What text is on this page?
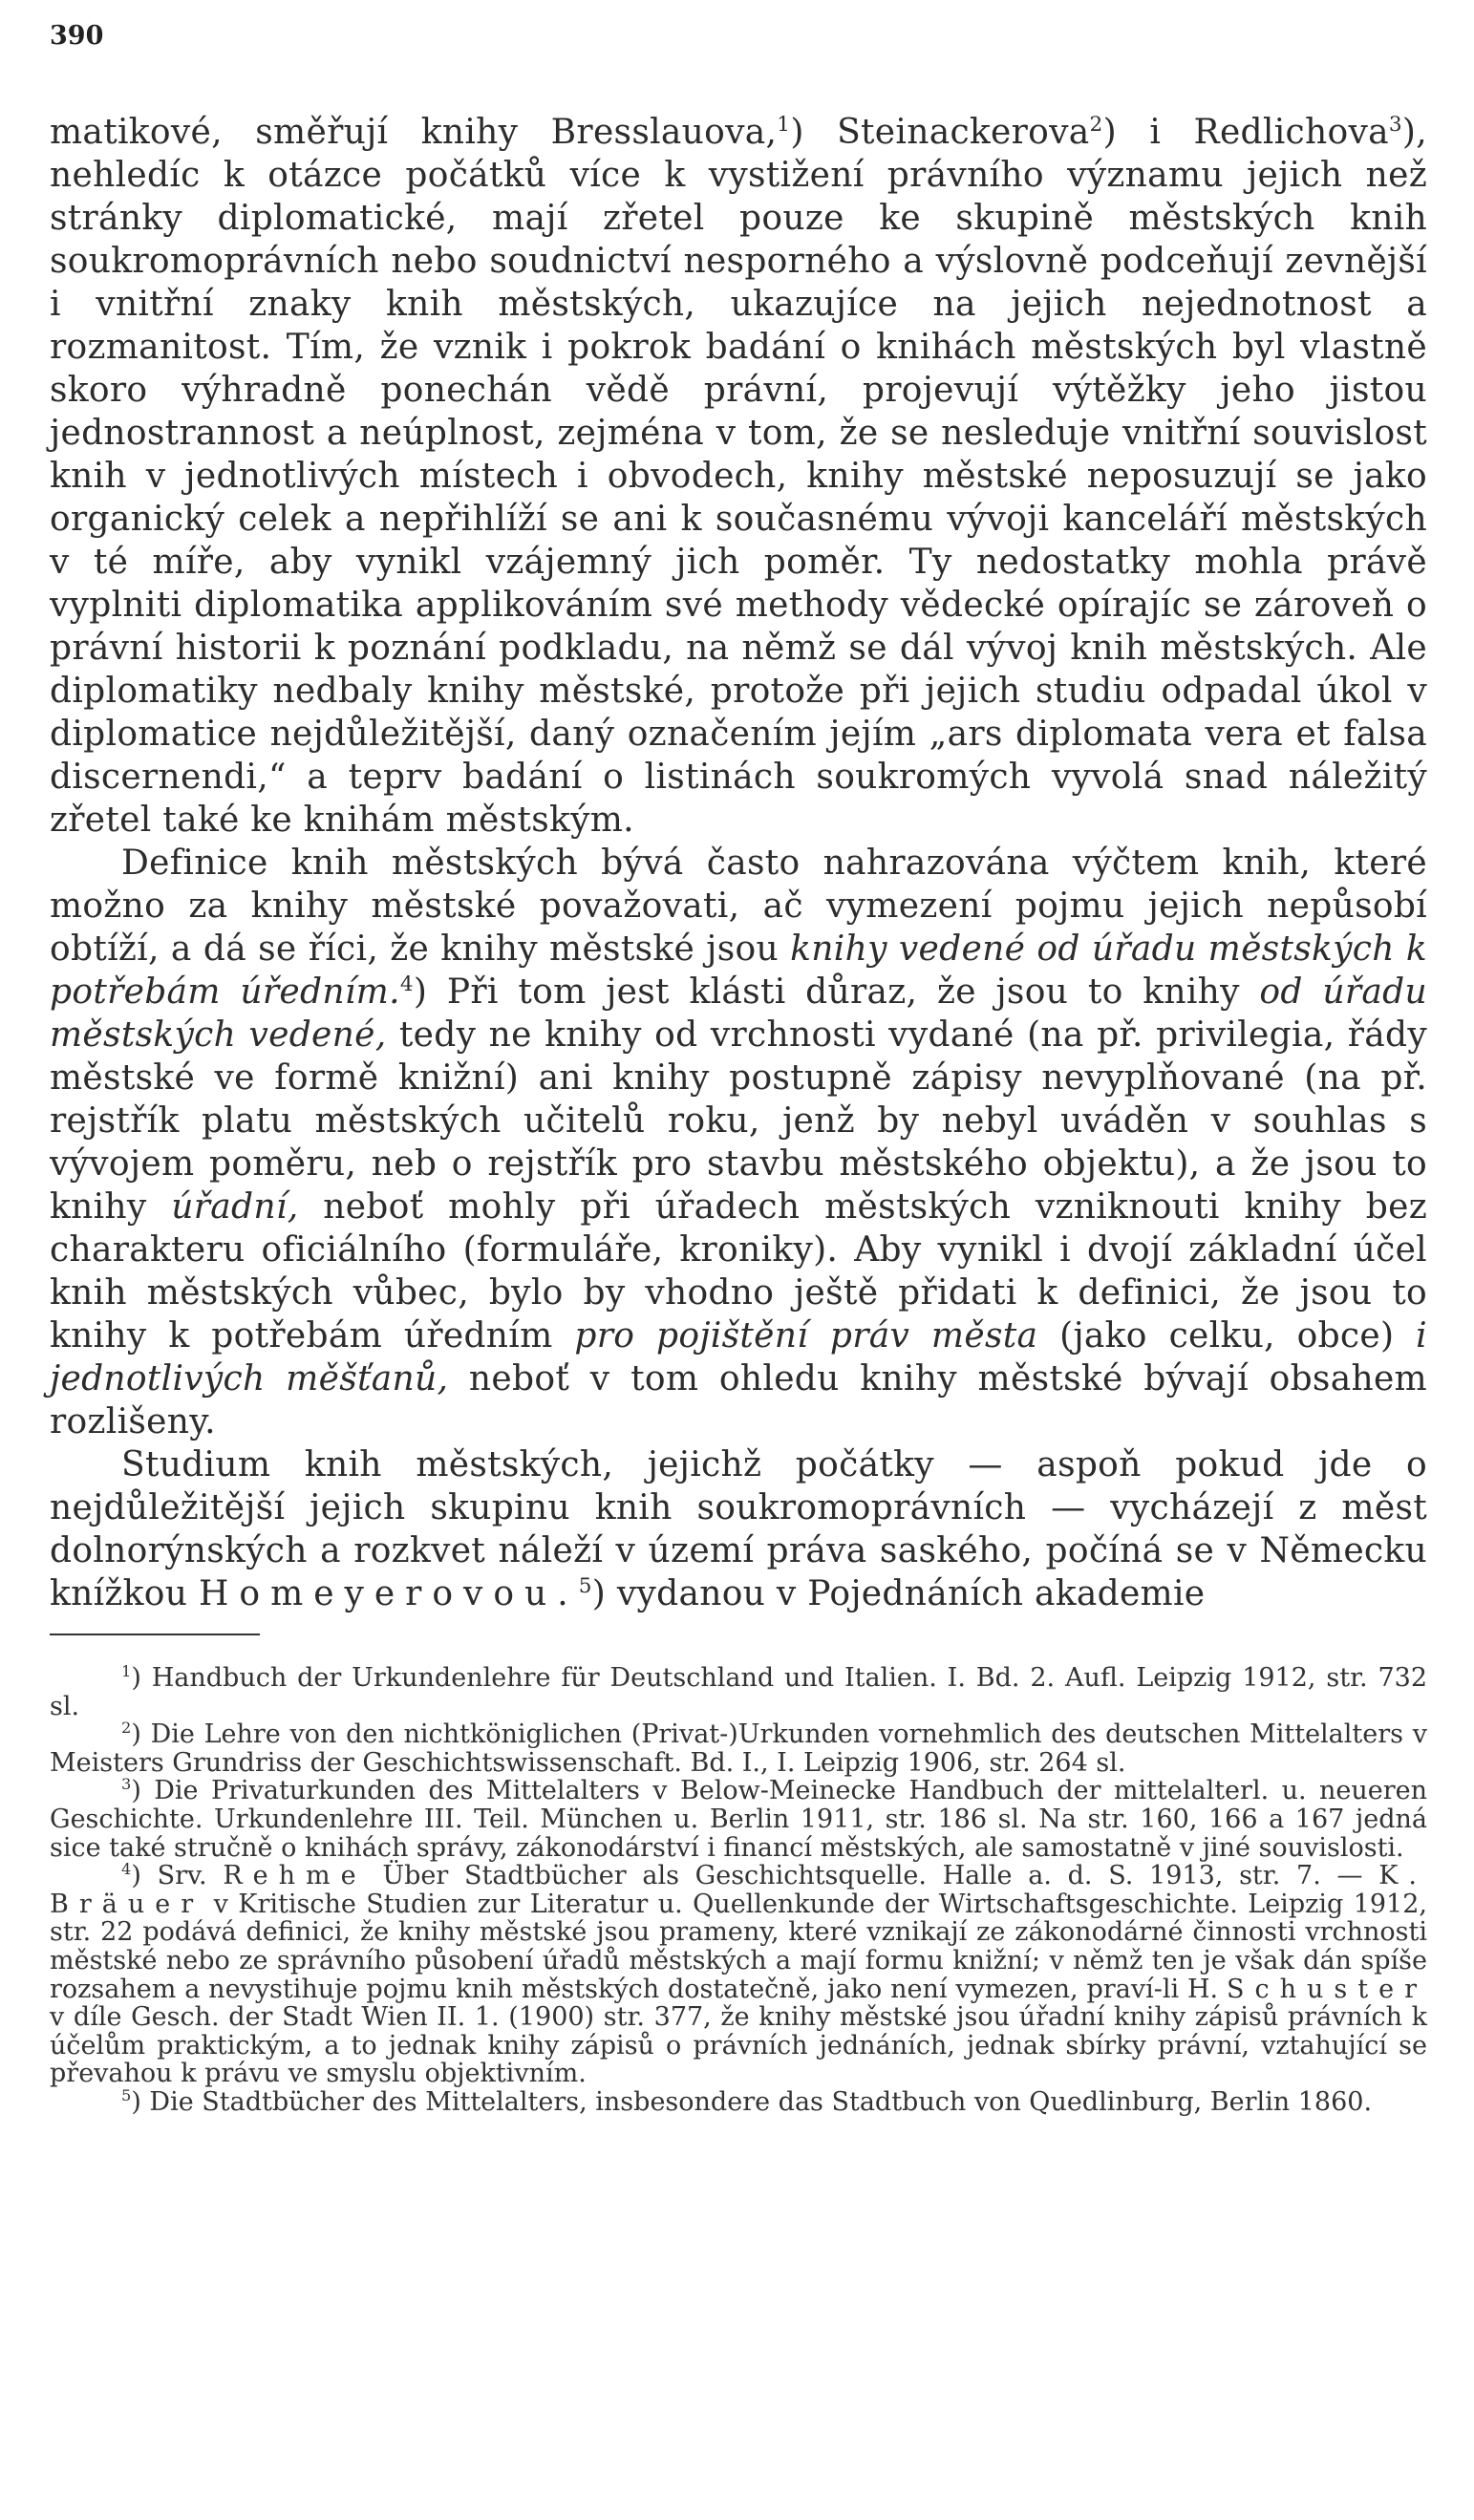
390

matikové, směřují knihy Bresslauova,$^1$) Steinackerova$^2$) i Redlichova$^3$), nehledíc k otázce počátků více k vystižení právního významu jejich než stránky diplomatické, mají zřetel pouze ke skupině městských knih soukromoprávních nebo soudnictví nesporného a výslovně podceňují zevnější i vnitřní znaky knih městských, ukazujíce na jejich nejednotnost a rozmanitost. Tím, že vznik i pokrok badání o knihách městských byl vlastně skoro výhradně ponechán vědě právní, projevují výtěžky jeho jistou jednostrannost a neúplnost, zejména v tom, že se nesleduje vnitřní souvislost knih v jednotlivých místech i obvodech, knihy městské neposuzují se jako organický celek a nepřihlíží se ani k současnému vývoji kanceláří městských v té míře, aby vynikl vzájemný jich poměr. Ty nedostatky mohla právě vyplniti diplomatika applikováním své methody vědecké opírajíc se zároveň o právní historii k poznání podkladu, na němž se dál vývoj knih městských. Ale diplomatiky nedbaly knihy městské, protože při jejich studiu odpadal úkol v diplomatice nejdůležitější, daný označením jejím „ars diplomata vera et falsa discernendi,“ a teprv badání o listinách soukromých vyvolá snad náležitý zřetel také ke knihám městským.

Definice knih městských bývá často nahrazována výčtem knih, které možno za knihy městské považovati, ač vymezení pojmu jejich nepůsobí obtíží, a dá se říci, že knihy městské jsou knihy vedené od úřadu městských k potřebám úředním.$^4$) Při tom jest klásti důraz, že jsou to knihy od úřadu městských vedené, tedy ne knihy od vrchnosti vydané (na př. privilegia, řády městské ve formě knižní) ani knihy postupně zápisy nevyplňované (na př. rejstřík platu městských učitelů roku, jenž by nebyl uváděn v souhlas s vývojem poměru, neb o rejstřík pro stavbu městského objektu), a že jsou to knihy úřadní, neboť mohly při úřadech městských vzniknouti knihy bez charakteru oficiálního (formuláře, kroniky). Aby vynikl i dvojí základní účel knih městských vůbec, bylo by vhodno ještě přidati k definici, že jsou to knihy k potřebám úředním pro pojištění práv města (jako celku, obce) i jednotlivých měšťanů, neboť v tom ohledu knihy městské bývají obsahem rozlišeny.

Studium knih městských, jejichž počátky — aspoň pokud jde o nejdůležitější jejich skupinu knih soukromoprávních — vycházejí z měst dolnorýnských a rozkvet náleží v území práva saského, počíná se v Německu knížkou Homeyerovou.$^5$) vydanou v Pojednáních akademie

$^1$) Handbuch der Urkundenlehre für Deutschland und Italien. I. Bd. 2. Aufl. Leipzig 1912, str. 732 sl.

$^2$) Die Lehre von den nichtköniglichen (Privat-)Urkunden vornehmlich des deutschen Mittelalters v Meisters Grundriss der Geschichtswissenschaft. Bd. I., I. Leipzig 1906, str. 264 sl.

$^3$) Die Privaturkunden des Mittelalters v Below-Meinecke Handbuch der mittelalterl. u. neueren Geschichte. Urkundenlehre III. Teil. München u. Berlin 1911, str. 186 sl. Na str. 160, 166 a 167 jedná sice také stručně o knihách správy, zákonodárství i financí městských, ale samostatně v jiné souvislosti.

$^4$) Srv. Rehme Über Stadtbücher als Geschichtsquelle. Halle a. d. S. 1913, str. 7. — K. Bräuer v Kritische Studien zur Literatur u. Quellenkunde der Wirtschaftsgeschichte. Leipzig 1912, str. 22 podává definici, že knihy městské jsou prameny, které vznikají ze zákonodárné činnosti vrchnosti městské nebo ze správního působení úřadů městských a mají formu knižní; v němž ten je však dán spíše rozsahem a nevystihuje pojmu knih městských dostatečně, jako není vymezen, praví-li H. Schuster v díle Gesch. der Stadt Wien II. 1. (1900) str. 377, že knihy městské jsou úřadní knihy zápisů právních k účelům praktickým, a to jednak knihy zápisů o právních jednáních, jednak sbírky právní, vztahující se převahou k právu ve smyslu objektivním.

$^5$) Die Stadtbücher des Mittelalters, insbesondere das Stadtbuch von Quedlinburg, Berlin 1860.
